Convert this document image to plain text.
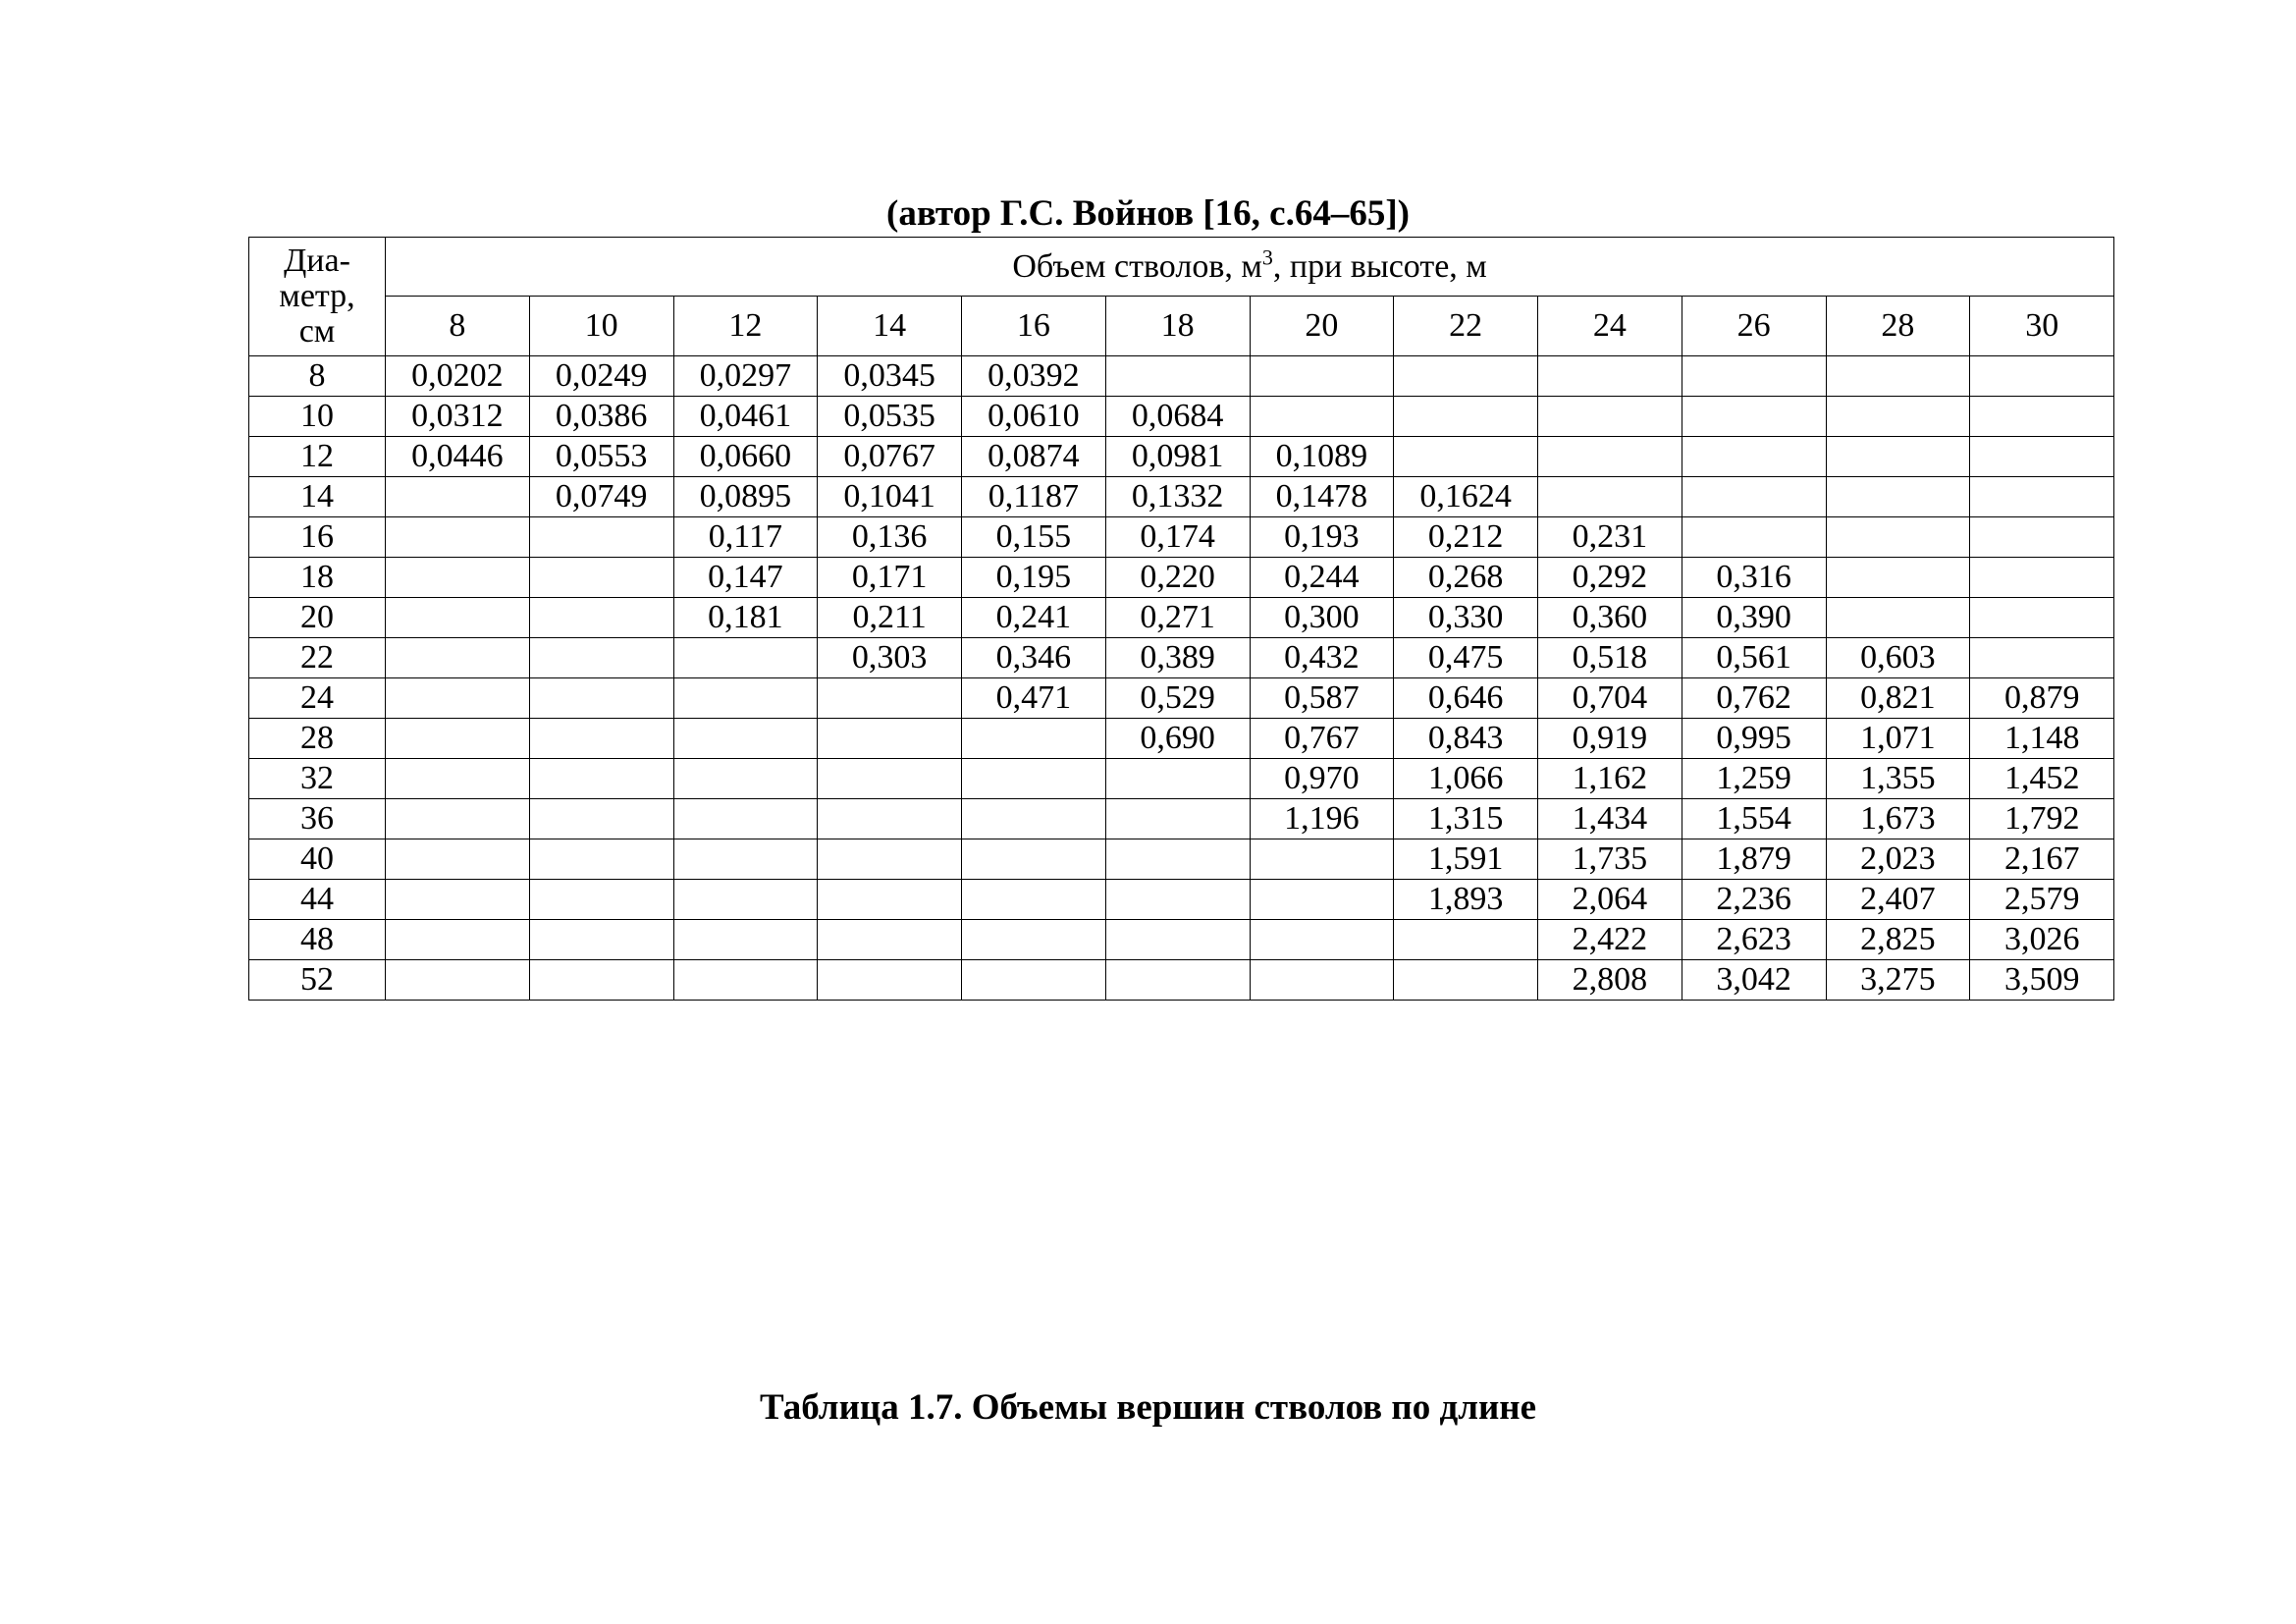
(автор Г.С. Войнов [16, с.64–65])
Диа-
метр,
см	Объем стволов, $м^3$, при высоте, м											
	8	10	12	14	16	18	20	22	24	26	28	30
8	0,0202	0,0249	0,0297	0,0345	0,0392							
10	0,0312	0,0386	0,0461	0,0535	0,0610	0,0684						
12	0,0446	0,0553	0,0660	0,0767	0,0874	0,0981	0,1089					
14		0,0749	0,0895	0,1041	0,1187	0,1332	0,1478	0,1624				
16			0,117	0,136	0,155	0,174	0,193	0,212	0,231			
18			0,147	0,171	0,195	0,220	0,244	0,268	0,292	0,316		
20			0,181	0,211	0,241	0,271	0,300	0,330	0,360	0,390		
22				0,303	0,346	0,389	0,432	0,475	0,518	0,561	0,603	
24					0,471	0,529	0,587	0,646	0,704	0,762	0,821	0,879
28						0,690	0,767	0,843	0,919	0,995	1,071	1,148
32							0,970	1,066	1,162	1,259	1,355	1,452
36							1,196	1,315	1,434	1,554	1,673	1,792
40								1,591	1,735	1,879	2,023	2,167
44								1,893	2,064	2,236	2,407	2,579
48									2,422	2,623	2,825	3,026
52									2,808	3,042	3,275	3,509
Таблица 1.7. Объемы вершин стволов по длине
